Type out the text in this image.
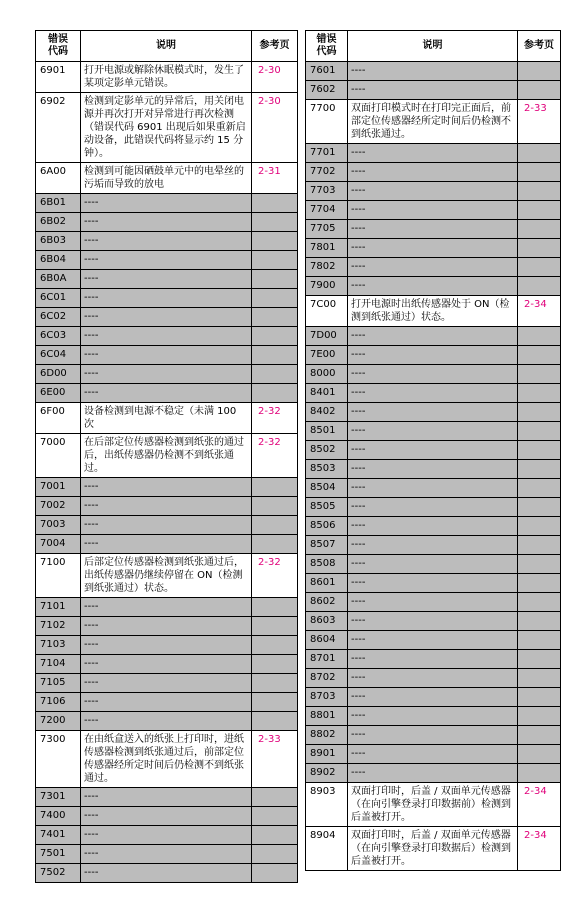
错误
代码	说明	参考页
6901	打开电源或解除休眠模式时，发生了某项定影单元错误。	2-30
6902	检测到定影单元的异常后，用关闭电源并再次打开对异常进行再次检测（错误代码 6901 出现后如果重新启动设备，此错误代码将显示约 15 分钟）。	2-30
6A00	检测到可能因硒鼓单元中的电晕丝的污垢而导致的放电	2-31
6B01	----	
6B02	----	
6B03	----	
6B04	----	
6B0A	----	
6C01	----	
6C02	----	
6C03	----	
6C04	----	
6D00	----	
6E00	----	
6F00	设备检测到电源不稳定（未满 100 次	2-32
7000	在后部定位传感器检测到纸张的通过后，出纸传感器仍检测不到纸张通过。	2-32
7001	----	
7002	----	
7003	----	
7004	----	
7100	后部定位传感器检测到纸张通过后，出纸传感器仍继续停留在 ON（检测到纸张通过）状态。	2-32
7101	----	
7102	----	
7103	----	
7104	----	
7105	----	
7106	----	
7200	----	
7300	在由纸盒送入的纸张上打印时，进纸传感器检测到纸张通过后，前部定位传感器经所定时间后仍检测不到纸张通过。	2-33
7301	----	
7400	----	
7401	----	
7501	----	
7502	----	
错误
代码	说明	参考页
7601	----	
7602	----	
7700	双面打印模式时在打印完正面后，前部定位传感器经所定时间后仍检测不到纸张通过。	2-33
7701	----	
7702	----	
7703	----	
7704	----	
7705	----	
7801	----	
7802	----	
7900	----	
7C00	打开电源时出纸传感器处于 ON（检测到纸张通过）状态。	2-34
7D00	----	
7E00	----	
8000	----	
8401	----	
8402	----	
8501	----	
8502	----	
8503	----	
8504	----	
8505	----	
8506	----	
8507	----	
8508	----	
8601	----	
8602	----	
8603	----	
8604	----	
8701	----	
8702	----	
8703	----	
8801	----	
8802	----	
8901	----	
8902	----	
8903	双面打印时，后盖 / 双面单元传感器（在向引擎登录打印数据前）检测到后盖被打开。	2-34
8904	双面打印时，后盖 / 双面单元传感器（在向引擎登录打印数据后）检测到后盖被打开。	2-34
